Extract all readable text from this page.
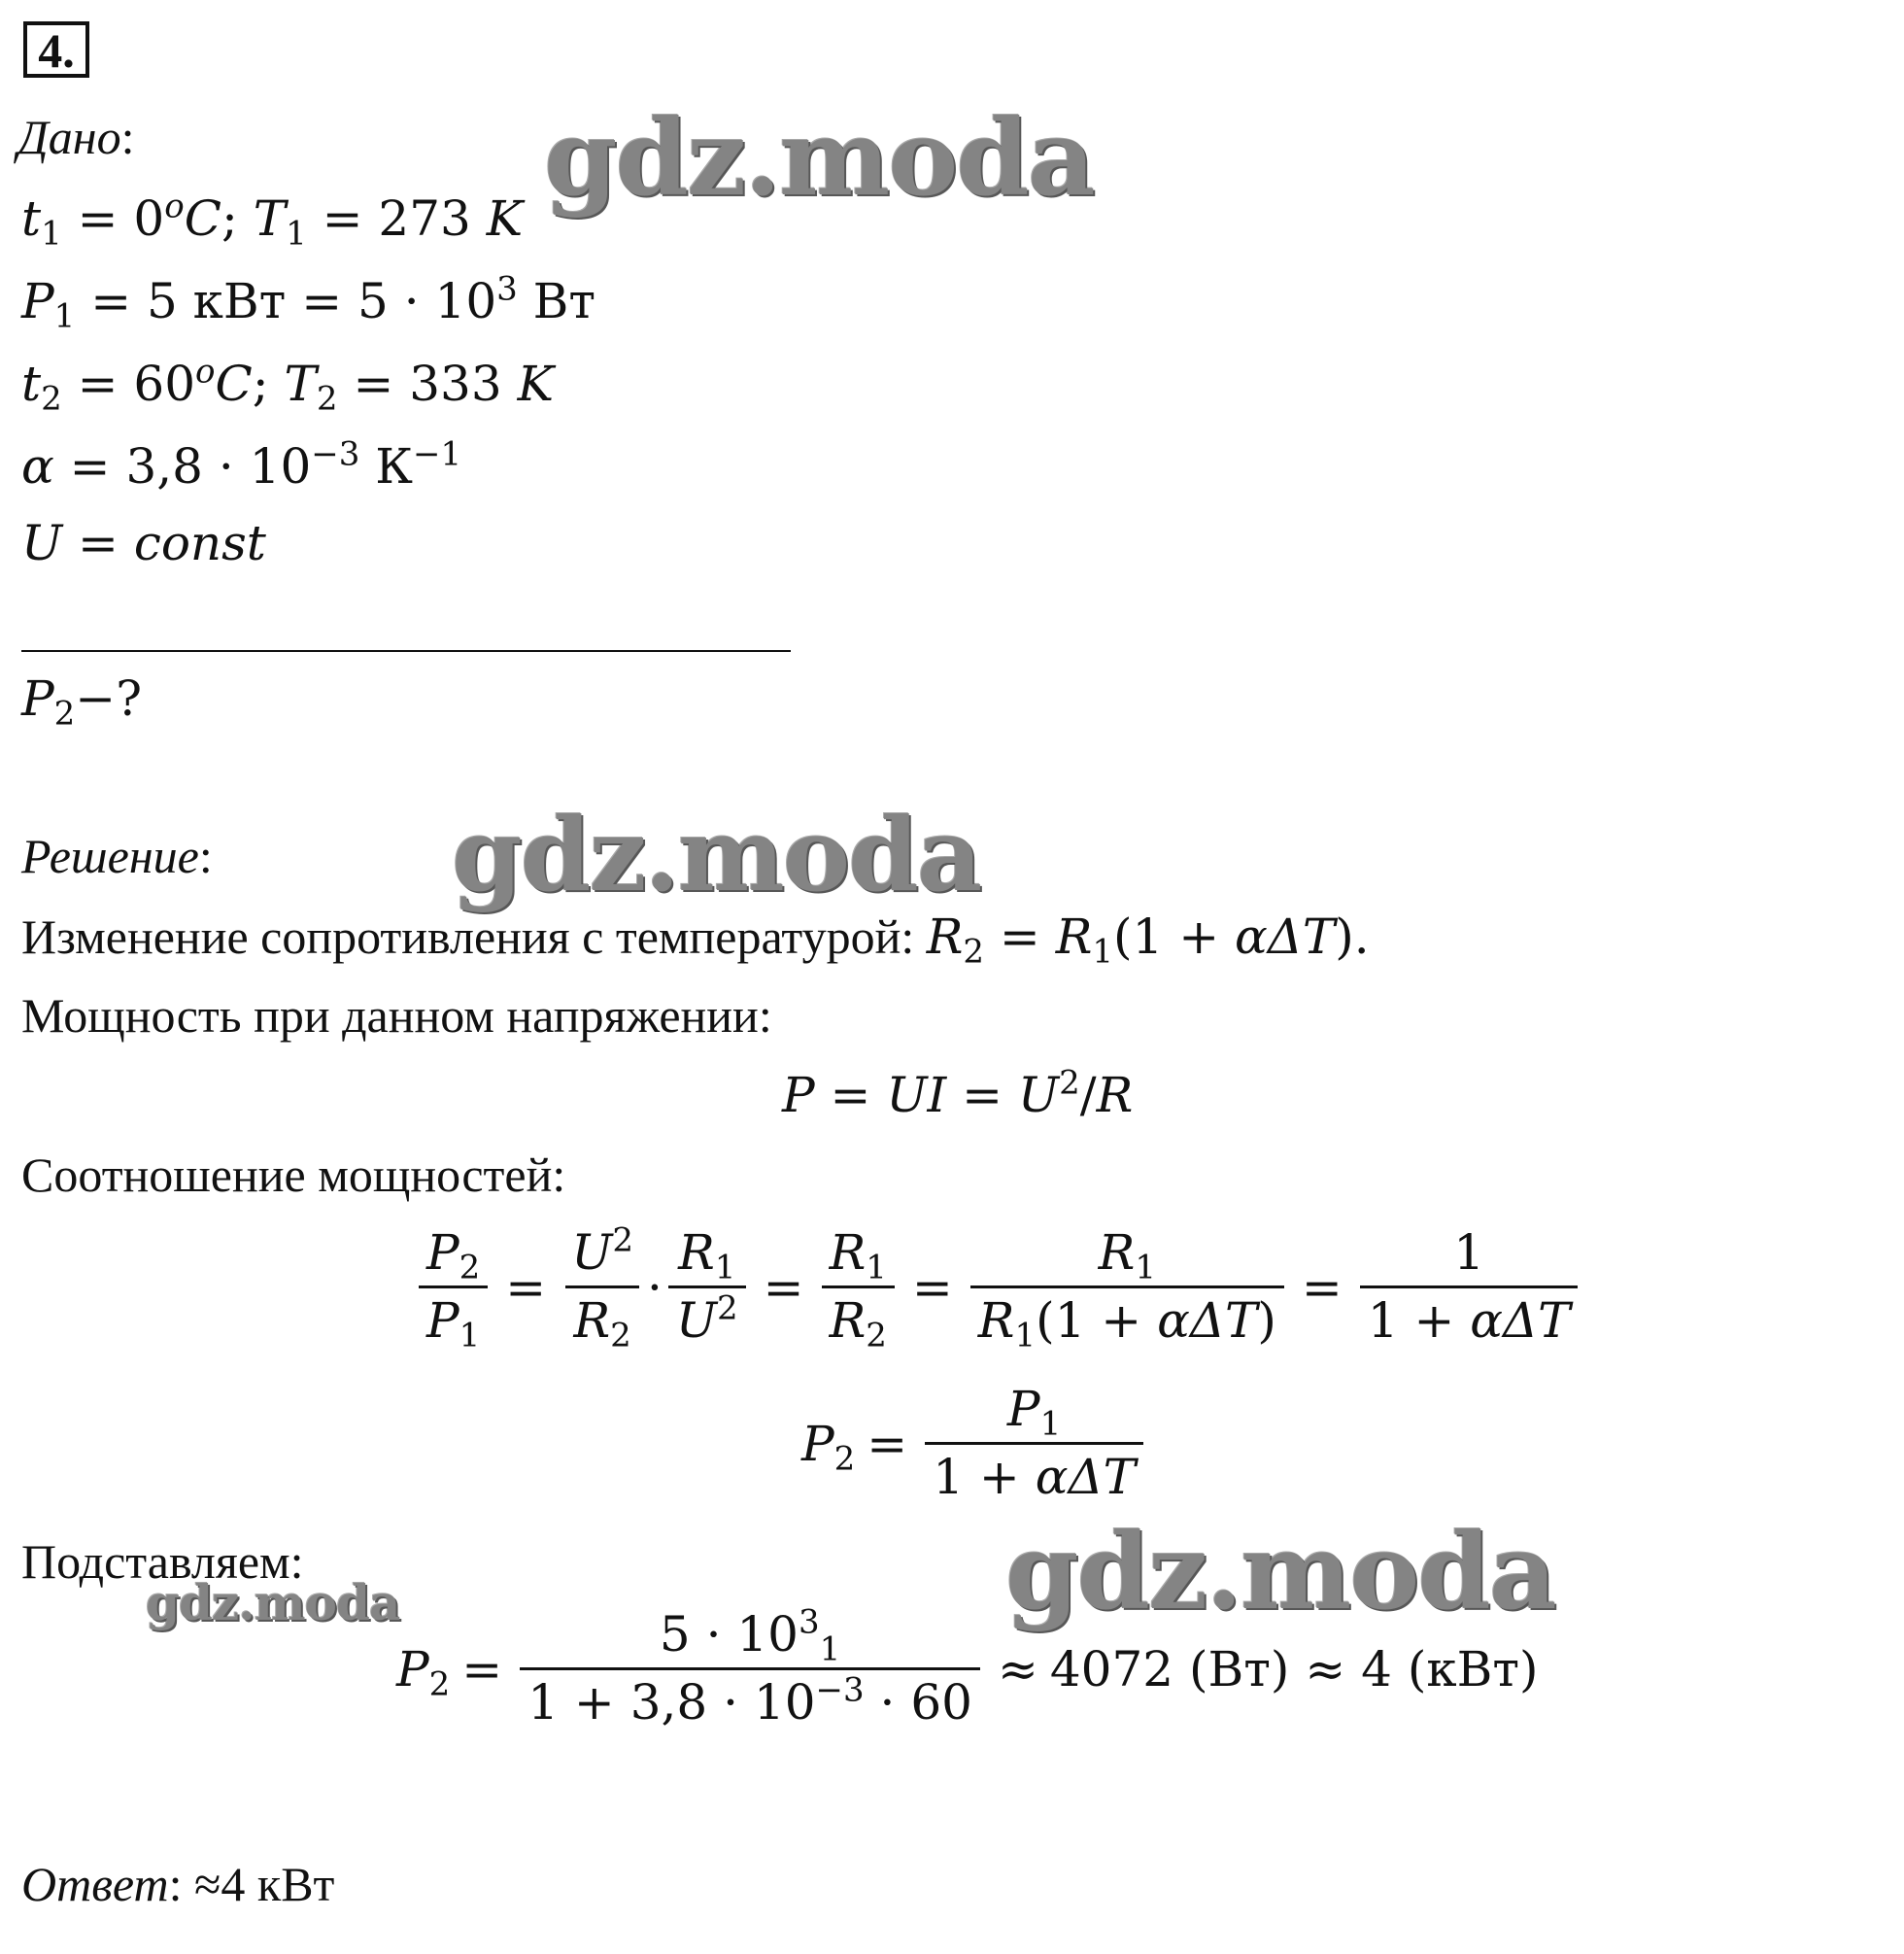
4.
Дано:
$t_1 = 0^oC$; $T_1 = 273$ K
$P_1 = 5$ кВт = $5 \cdot 10^3$ Вт
$t_2 = 60^oC$; $T_2 = 333$ K
$\alpha = 3,8 \cdot 10^{-3}$ $К^{-1}$
U = const
$P_2-$?
Решение:
Изменение сопротивления с температурой: $R_2 = R_1(1 + \alpha\Delta T)$.
Мощность при данном напряжении:
P = UI = $U^2/R$
Соотношение мощностей:
$\frac{P_2}{P_1} = \frac{U^2}{R_2} \cdot \frac{R_1}{U^2} = \frac{R_1}{R_2} = \frac{R_1}{R_1(1 + \alpha\Delta T)} = \frac{1}{\text{1 + αΔT}}$
$P_2 = \frac{P_1}{\text{1 + αΔT}}$
Подставляем:
$P_2 = \frac{5 \cdot 10^3_1}{1 + 3,8 \cdot 10^{-3} \cdot 60} \approx 4072$ (Вт) ≈ 4 (кВт)
Ответ: ≈4 кВт
gdz.moda
gdz.moda
gdz.moda
gdz.moda
